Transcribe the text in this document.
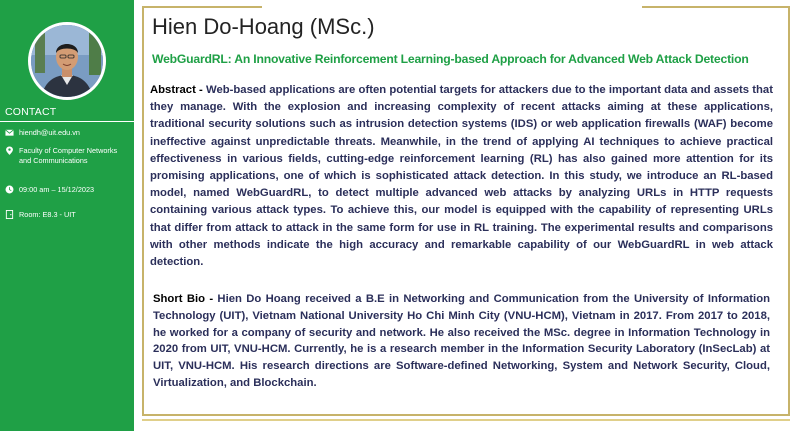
CONTACT
hiendh@uit.edu.vn
Faculty of Computer Networks
and Communications
09:00 am – 15/12/2023
Room: E8.3 - UIT
Hien Do-Hoang (MSc.)
WebGuardRL: An Innovative Reinforcement Learning-based Approach for Advanced Web Attack Detection

Abstract - Web-based applications are often potential targets for attackers due to the important data and assets that they manage. With the explosion and increasing complexity of recent attacks aiming at these applications, traditional security solutions such as intrusion detection systems (IDS) or web application firewalls (WAF) become ineffective against unpredictable threats. Meanwhile, in the trend of applying AI techniques to achieve practical effectiveness in various fields, cutting-edge reinforcement learning (RL) has also gained more attention for its promising applications, one of which is sophisticated attack detection. In this study, we introduce an RL-based model, named WebGuardRL, to detect multiple advanced web attacks by analyzing URLs in HTTP requests containing various attack types. To achieve this, our model is equipped with the capability of representing URLs that differ from attack to attack in the same form for use in RL training. The experimental results and comparisons with other methods indicate the high accuracy and remarkable capability of our WebGuardRL in web attack detection.

Short Bio - Hien Do Hoang received a B.E in Networking and Communication from the University of Information Technology (UIT), Vietnam National University Ho Chi Minh City (VNU-HCM), Vietnam in 2017. From 2017 to 2018, he worked for a company of security and network. He also received the MSc. degree in Information Technology in 2020 from UIT, VNU-HCM. Currently, he is a research member in the Information Security Laboratory (InSecLab) at UIT, VNU-HCM. His research directions are Software-defined Networking, System and Network Security, Cloud, Virtualization, and Blockchain.
